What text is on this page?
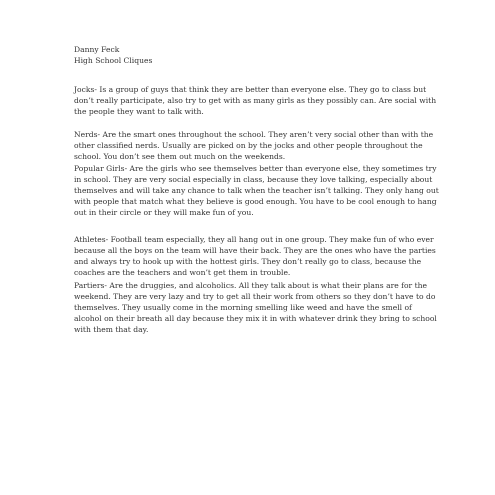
Danny Feck

High School Cliques

Jocks- Is a group of guys that think they are better than everyone else. They go to class but don’t really participate, also try to get with as many girls as they possibly can. Are social with the people they want to talk with.

Nerds- Are the smart ones throughout the school. They aren’t very social other than with the other classified nerds. Usually are picked on by the jocks and other people throughout the school. You don’t see them out much on the weekends.

Popular Girls- Are the girls who see themselves better than everyone else, they sometimes try in school. They are very social especially in class, because they love talking, especially about themselves and will take any chance to talk when the teacher isn’t talking. They only hang out with people that match what they believe is good enough. You have to be cool enough to hang out in their circle or they will make fun of you.

Athletes- Football team especially, they all hang out in one group. They make fun of who ever because all the boys on the team will have their back. They are the ones who have the parties and always try to hook up with the hottest girls. They don’t really go to class, because the coaches are the teachers and won’t get them in trouble.

Partiers- Are the druggies, and alcoholics. All they talk about is what their plans are for the weekend. They are very lazy and try to get all their work from others so they don’t have to do themselves. They usually come in the morning smelling like weed and have the smell of alcohol on their breath all day because they mix it in with whatever drink they bring to school with them that day.
